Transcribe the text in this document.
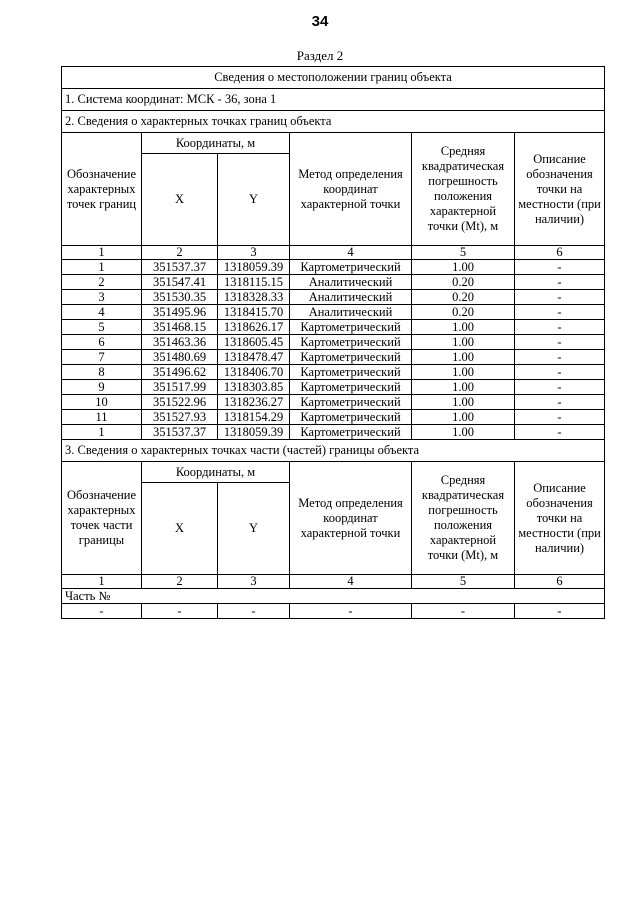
34
Раздел 2
Сведения о местоположении границ объекта					
1. Система координат: МСК - 36, зона 1					
2. Сведения о характерных точках границ объекта					
Обозначение характерных точек границ	Координаты, м		Метод определения координат характерной точки	Средняя квадратическая погрешность положения характерной точки (Mt), м	Описание обозначения точки на местности (при наличии)
	X	Y			
1	2	3	4	5	6
1	351537.37	1318059.39	Картометрический	1.00	-
2	351547.41	1318115.15	Аналитический	0.20	-
3	351530.35	1318328.33	Аналитический	0.20	-
4	351495.96	1318415.70	Аналитический	0.20	-
5	351468.15	1318626.17	Картометрический	1.00	-
6	351463.36	1318605.45	Картометрический	1.00	-
7	351480.69	1318478.47	Картометрический	1.00	-
8	351496.62	1318406.70	Картометрический	1.00	-
9	351517.99	1318303.85	Картометрический	1.00	-
10	351522.96	1318236.27	Картометрический	1.00	-
11	351527.93	1318154.29	Картометрический	1.00	-
1	351537.37	1318059.39	Картометрический	1.00	-
3. Сведения о характерных точках части (частей) границы объекта					
Обозначение характерных точек части границы	Координаты, м		Метод определения координат характерной точки	Средняя квадратическая погрешность положения характерной точки (Mt), м	Описание обозначения точки на местности (при наличии)
	X	Y			
1	2	3	4	5	6
Часть №					
-	-	-	-	-	-
